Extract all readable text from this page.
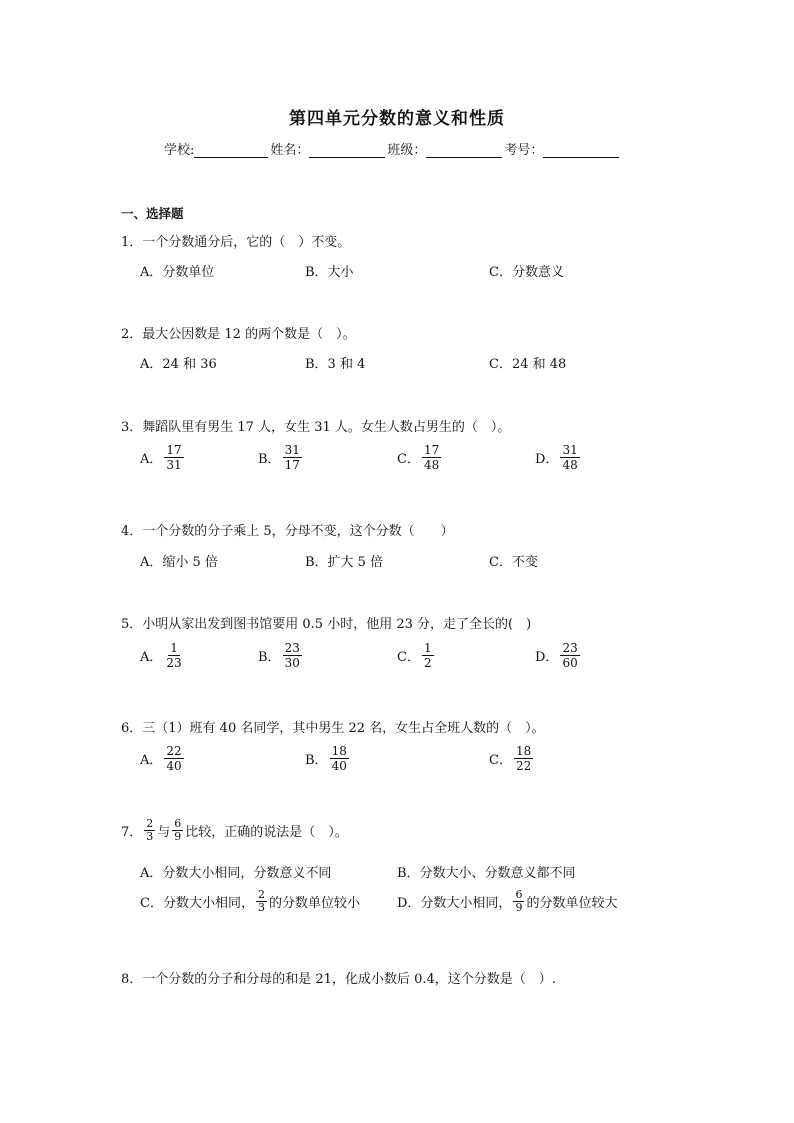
第四单元分数的意义和性质
学校:	姓名：	班级：	考号：
一、选择题
1．一个分数通分后，它的（　）不变。
A．分数单位	B．大小	C．分数意义
2．最大公因数是 12 的两个数是（　）。
A．24 和 36	B．3 和 4	C．24 和 48
3．舞蹈队里有男生 17 人，女生 31 人。女生人数占男生的（　）。
A． $\frac{17}{31}$	B． $\frac{31}{17}$	C． $\frac{17}{48}$	D． $\frac{31}{48}$
4．一个分数的分子乘上 5，分母不变，这个分数（　　）
A．缩小 5 倍	B．扩大 5 倍	C．不变
5．小明从家出发到图书馆要用 0.5 小时，他用 23 分，走了全长的(　)
A． $\frac{1}{23}$	B． $\frac{23}{30}$	C． $\frac{1}{2}$	D． $\frac{23}{60}$
6．三（1）班有 40 名同学，其中男生 22 名，女生占全班人数的（　）。
A． $\frac{22}{40}$	B． $\frac{18}{40}$	C． $\frac{18}{22}$
7． $\frac{2}{3}$ 与 $\frac{6}{9}$ 比较，正确的说法是（　）。
A．分数大小相同，分数意义不同	B．分数大小、分数意义都不同
C．分数大小相同， $\frac{2}{3}$ 的分数单位较小	D．分数大小相同， $\frac{6}{9}$ 的分数单位较大
8．一个分数的分子和分母的和是 21，化成小数后 0.4，这个分数是（　）.
